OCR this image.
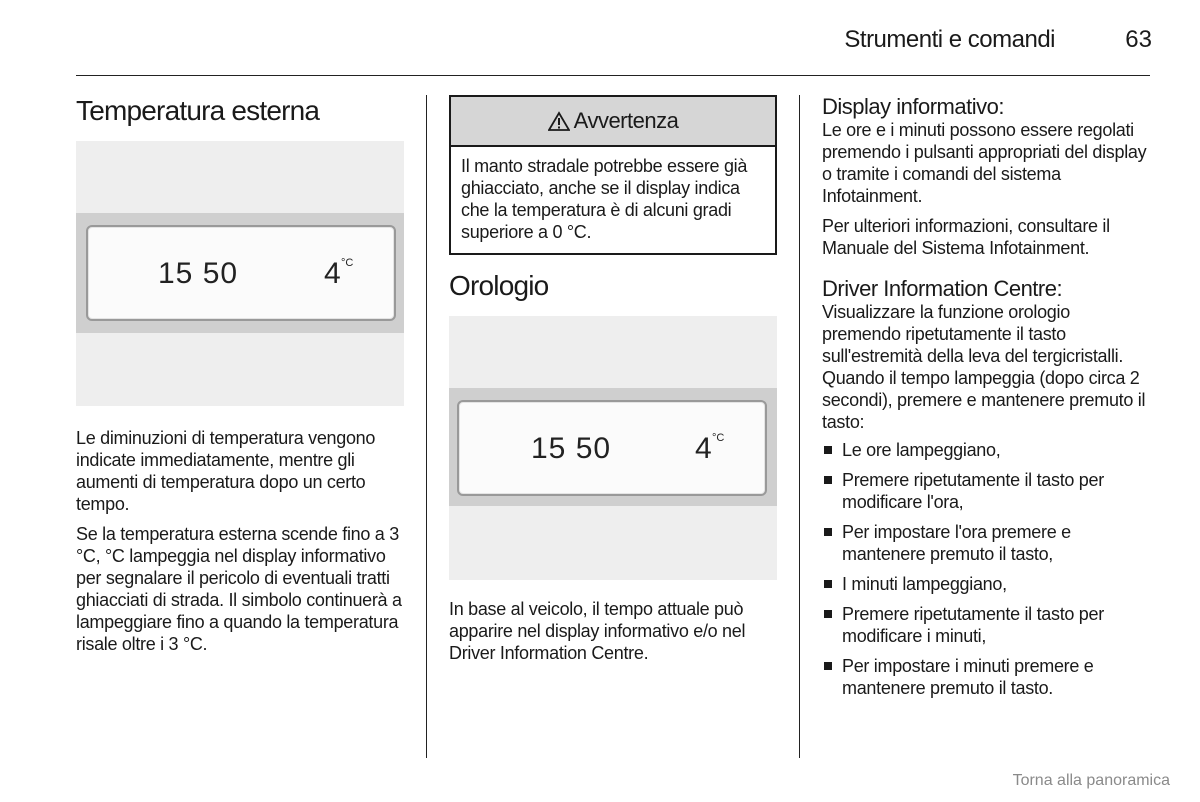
Strumenti e comandi	63
Temperatura esterna
15 50	4 °C

Le diminuzioni di temperatura vengono indicate immediatamente, mentre gli aumenti di temperatura dopo un certo tempo.

Se la temperatura esterna scende fino a 3 °C, °C lampeggia nel display informativo per segnalare il pericolo di eventuali tratti ghiacciati di strada. Il simbolo continuerà a lampeggiare fino a quando la temperatura risale oltre i 3 °C.

Avvertenza

Il manto stradale potrebbe essere già ghiacciato, anche se il display indica che la temperatura è di alcuni gradi superiore a 0 °C.

Orologio
15 50	4 °C

In base al veicolo, il tempo attuale può apparire nel display informativo e/o nel Driver Information Centre.

Display informativo:

Le ore e i minuti possono essere regolati premendo i pulsanti appropriati del display o tramite i comandi del sistema Infotainment.

Per ulteriori informazioni, consultare il Manuale del Sistema Infotainment.

Driver Information Centre:

Visualizzare la funzione orologio premendo ripetutamente il tasto sull'estremità della leva del tergicristalli. Quando il tempo lampeggia (dopo circa 2 secondi), premere e mantenere premuto il tasto:

Le ore lampeggiano,
Premere ripetutamente il tasto per modificare l'ora,
Per impostare l'ora premere e mantenere premuto il tasto,
I minuti lampeggiano,
Premere ripetutamente il tasto per modificare i minuti,
Per impostare i minuti premere e mantenere premuto il tasto.
Torna alla panoramica
